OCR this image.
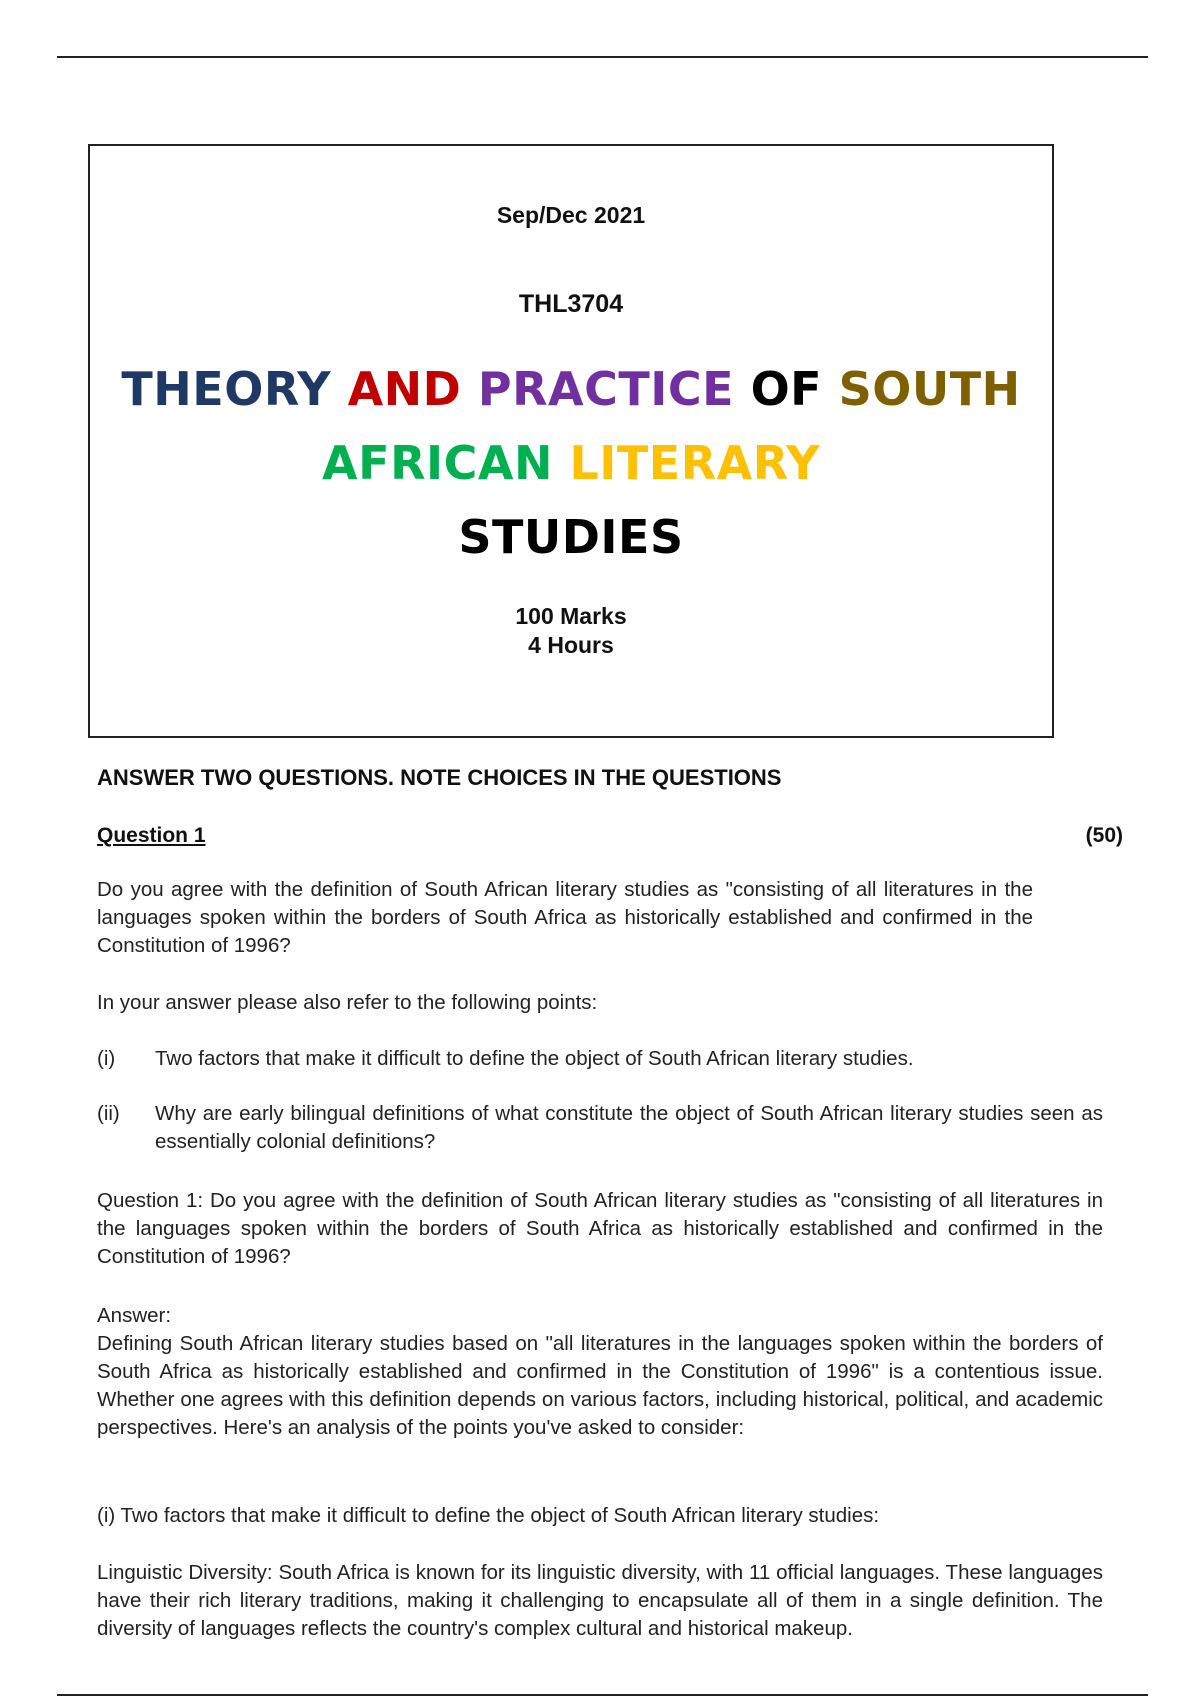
Sep/Dec 2021
THL3704
THEORY AND PRACTICE OF SOUTH
AFRICAN LITERARY
STUDIES
100 Marks
4 Hours
ANSWER TWO QUESTIONS. NOTE CHOICES IN THE QUESTIONS
Question 1	(50)

Do you agree with the definition of South African literary studies as "consisting of all literatures in the languages spoken within the borders of South Africa as historically established and confirmed in the Constitution of 1996?

In your answer please also refer to the following points:
(i) Two factors that make it difficult to define the object of South African literary studies.
(ii) Why are early bilingual definitions of what constitute the object of South African literary studies seen as essentially colonial definitions?

Question 1: Do you agree with the definition of South African literary studies as "consisting of all literatures in the languages spoken within the borders of South Africa as historically established and confirmed in the Constitution of 1996?

Answer:

Defining South African literary studies based on "all literatures in the languages spoken within the borders of South Africa as historically established and confirmed in the Constitution of 1996" is a contentious issue. Whether one agrees with this definition depends on various factors, including historical, political, and academic perspectives. Here's an analysis of the points you've asked to consider:

(i) Two factors that make it difficult to define the object of South African literary studies:

Linguistic Diversity: South Africa is known for its linguistic diversity, with 11 official languages. These languages have their rich literary traditions, making it challenging to encapsulate all of them in a single definition. The diversity of languages reflects the country's complex cultural and historical makeup.
